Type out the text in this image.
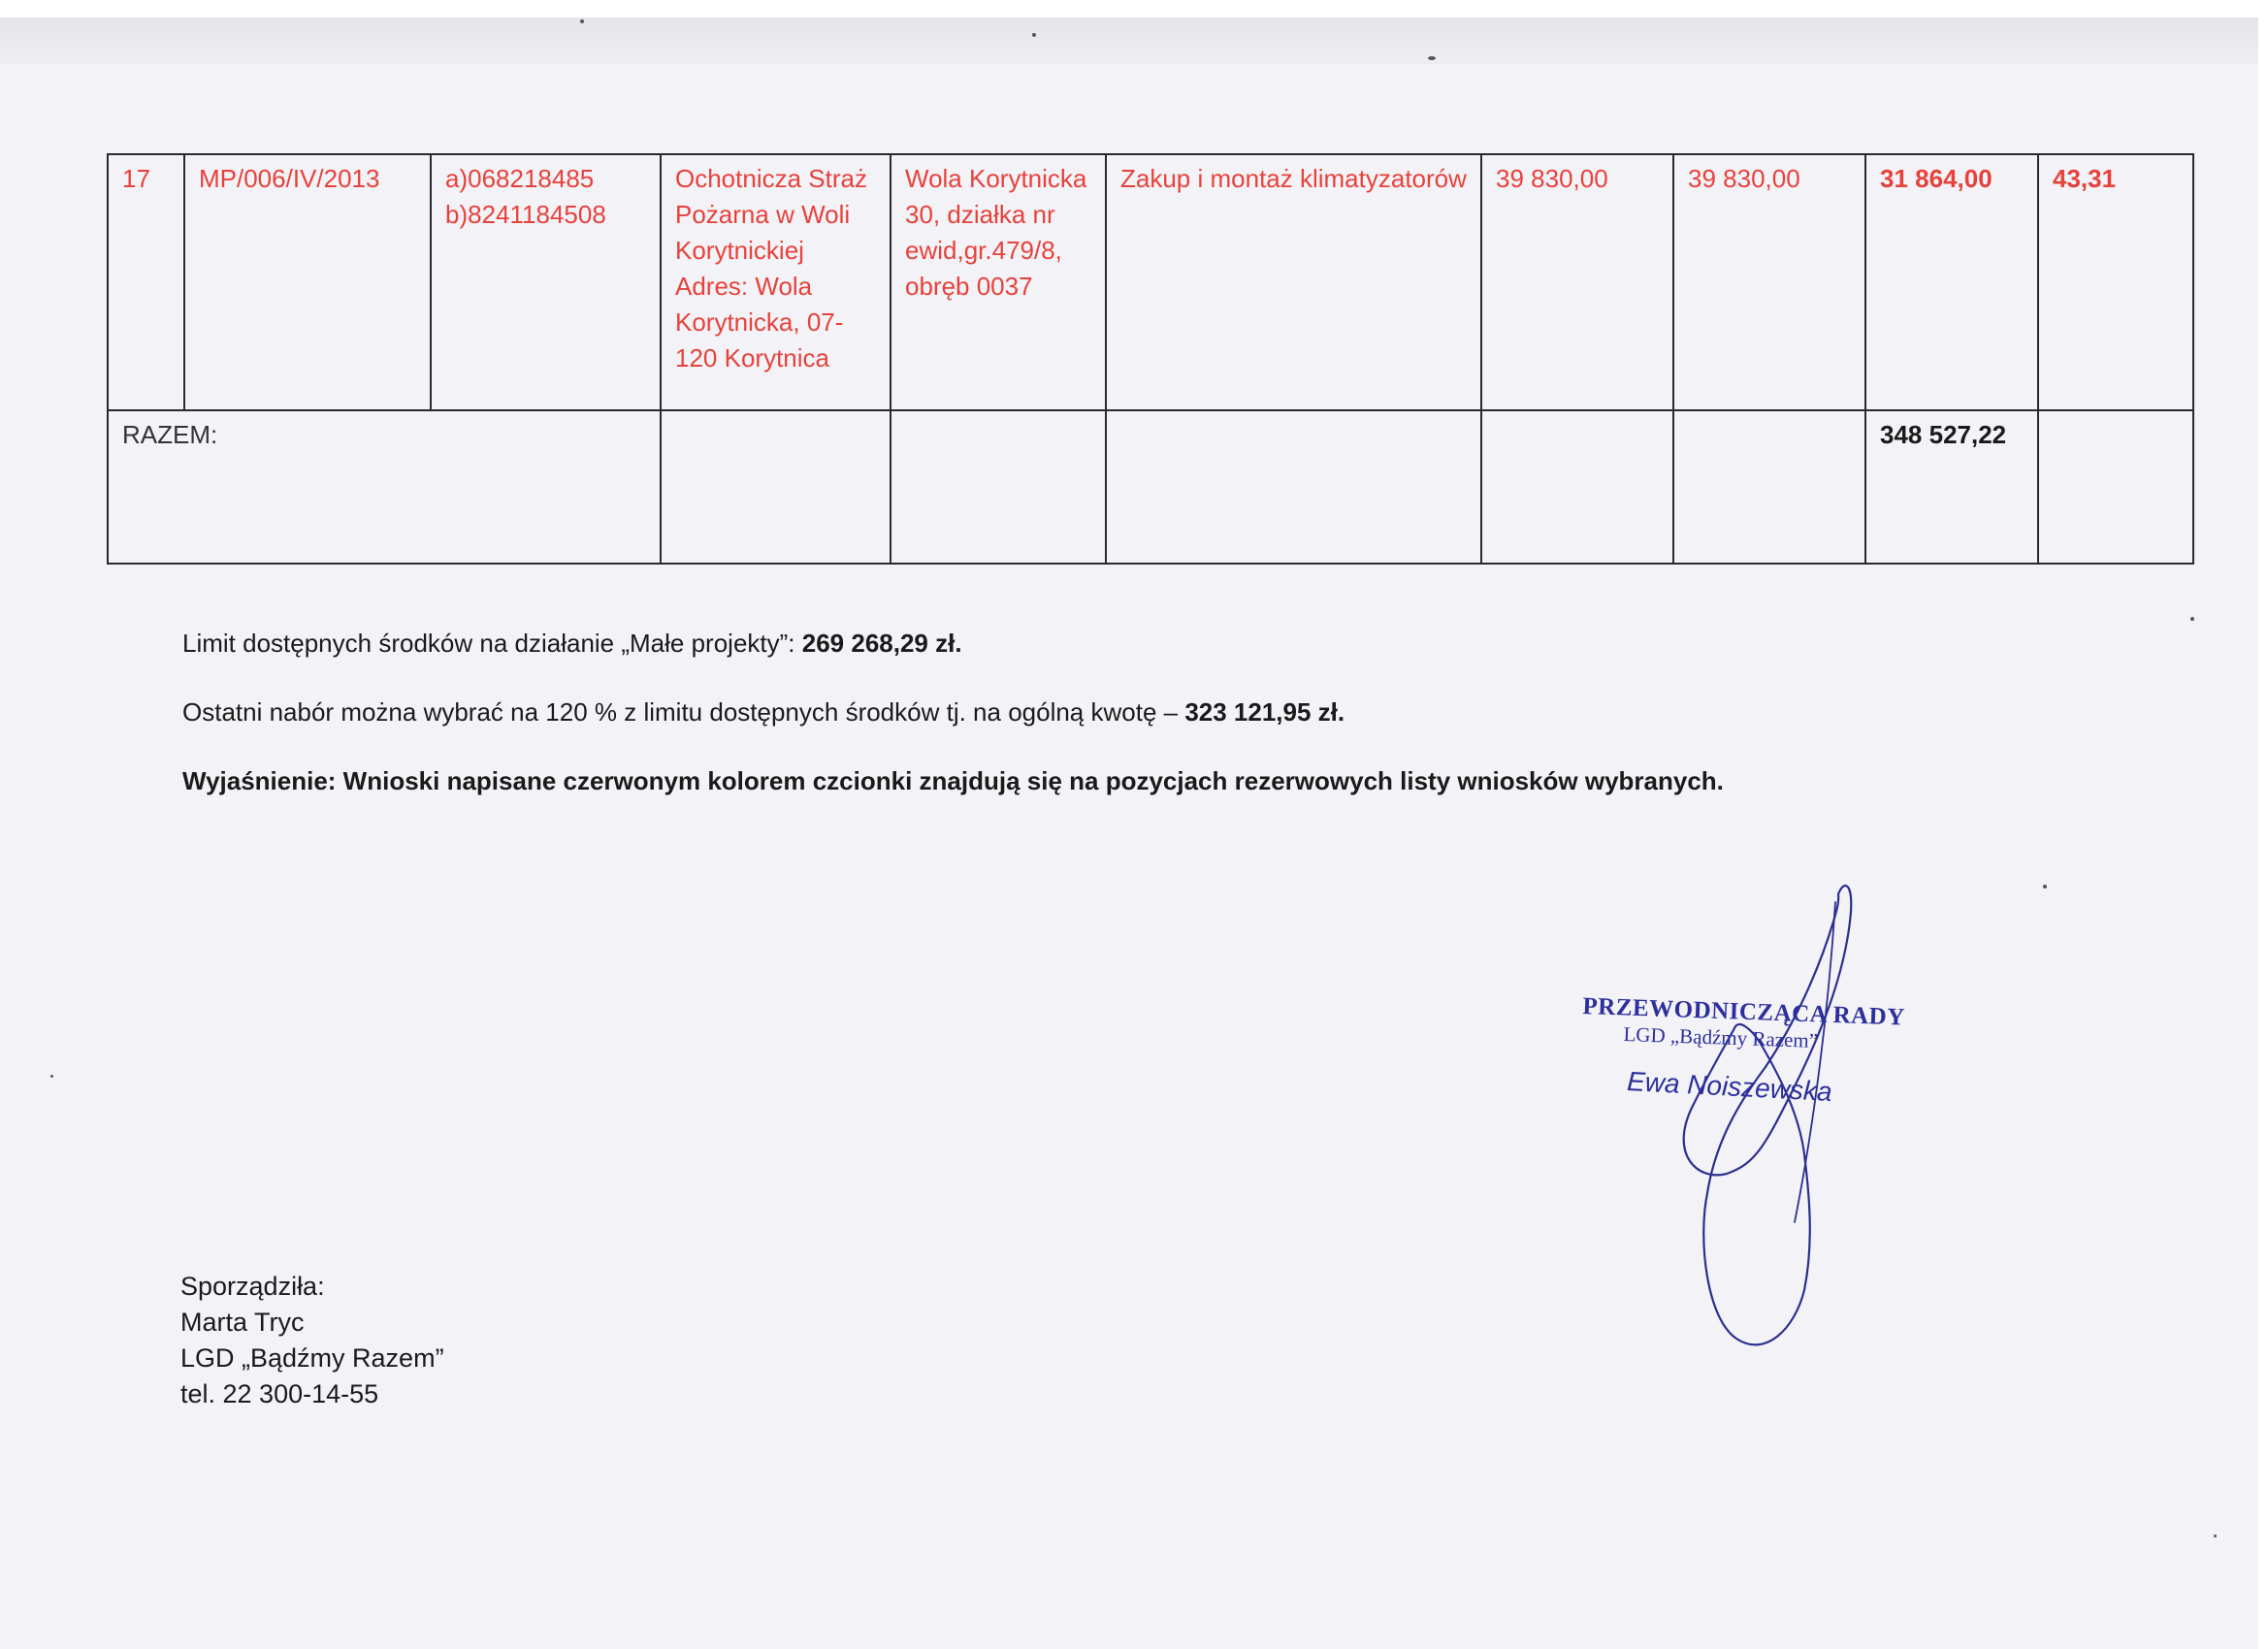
17	MP/006/IV/2013	a)068218485
b)8241184508	Ochotnicza Straż Pożarna w Woli Korytnickiej Adres: Wola Korytnicka, 07-120 Korytnica	Wola Korytnicka 30, działka nr ewid,gr.479/8, obręb 0037	Zakup i montaż klimatyzatorów	39 830,00	39 830,00	31 864,00	43,31
RAZEM:								348 527,22	

Limit dostępnych środków na działanie „Małe projekty”: 269 268,29 zł.

Ostatni nabór można wybrać na 120 % z limitu dostępnych środków tj. na ogólną kwotę – 323 121,95 zł.

Wyjaśnienie: Wnioski napisane czerwonym kolorem czcionki znajdują się na pozycjach rezerwowych listy wniosków wybranych.

PRZEWODNICZĄCA RADY
LGD „Bądźmy Razem”
Ewa Noiszewska
Sporządziła:
Marta Tryc
LGD „Bądźmy Razem”
tel. 22 300-14-55
